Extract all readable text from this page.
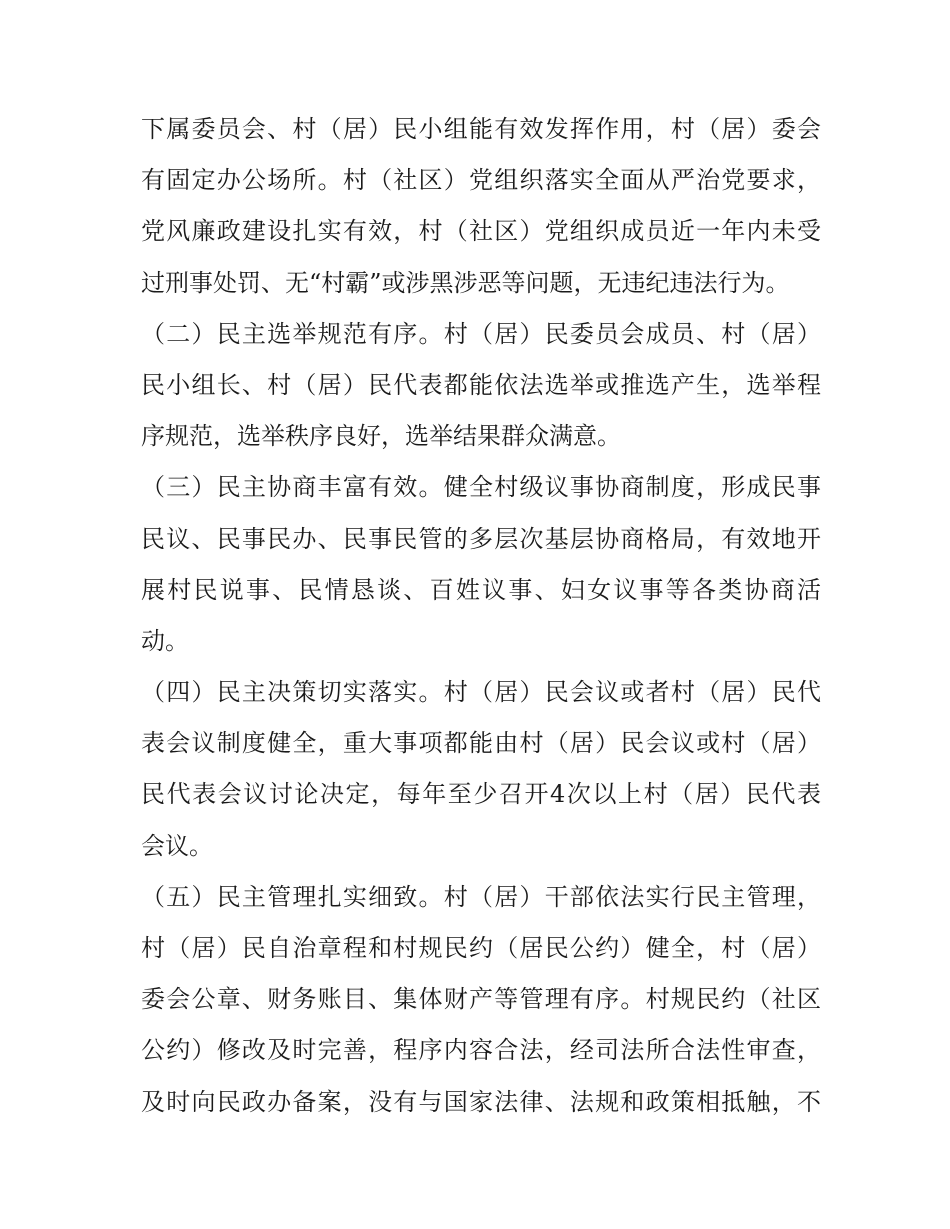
下属委员会、村（居）民小组能有效发挥作用，村（居）委会
有固定办公场所。村（社区）党组织落实全面从严治党要求，
党风廉政建设扎实有效，村（社区）党组织成员近一年内未受
过刑事处罚、无“村霸”或涉黑涉恶等问题，无违纪违法行为。
（二）民主选举规范有序。村（居）民委员会成员、村（居）
民小组长、村（居）民代表都能依法选举或推选产生，选举程
序规范，选举秩序良好，选举结果群众满意。
（三）民主协商丰富有效。健全村级议事协商制度，形成民事
民议、民事民办、民事民管的多层次基层协商格局，有效地开
展村民说事、民情恳谈、百姓议事、妇女议事等各类协商活
动。
（四）民主决策切实落实。村（居）民会议或者村（居）民代
表会议制度健全，重大事项都能由村（居）民会议或村（居）
民代表会议讨论决定，每年至少召开4次以上村（居）民代表
会议。
（五）民主管理扎实细致。村（居）干部依法实行民主管理，
村（居）民自治章程和村规民约（居民公约）健全，村（居）
委会公章、财务账目、集体财产等管理有序。村规民约（社区
公约）修改及时完善，程序内容合法，经司法所合法性审查，
及时向民政办备案，没有与国家法律、法规和政策相抵触，不
